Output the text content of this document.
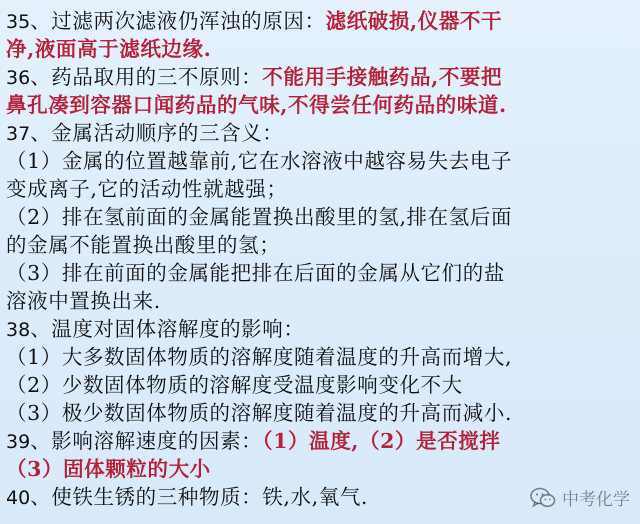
35、过滤两次滤液仍浑浊的原因：滤纸破损,仪器不干
净,液面高于滤纸边缘.
36、药品取用的三不原则：不能用手接触药品,不要把
鼻孔凑到容器口闻药品的气味,不得尝任何药品的味道.
37、金属活动顺序的三含义：
（1）金属的位置越靠前,它在水溶液中越容易失去电子
变成离子,它的活动性就越强；
（2）排在氢前面的金属能置换出酸里的氢,排在氢后面
的金属不能置换出酸里的氢；
（3）排在前面的金属能把排在后面的金属从它们的盐
溶液中置换出来.
38、温度对固体溶解度的影响：
（1）大多数固体物质的溶解度随着温度的升高而增大,
（2）少数固体物质的溶解度受温度影响变化不大
（3）极少数固体物质的溶解度随着温度的升高而减小.
39、影响溶解速度的因素：（1）温度,（2）是否搅拌
（3）固体颗粒的大小
40、使铁生锈的三种物质：铁,水,氧气.	中考化学
